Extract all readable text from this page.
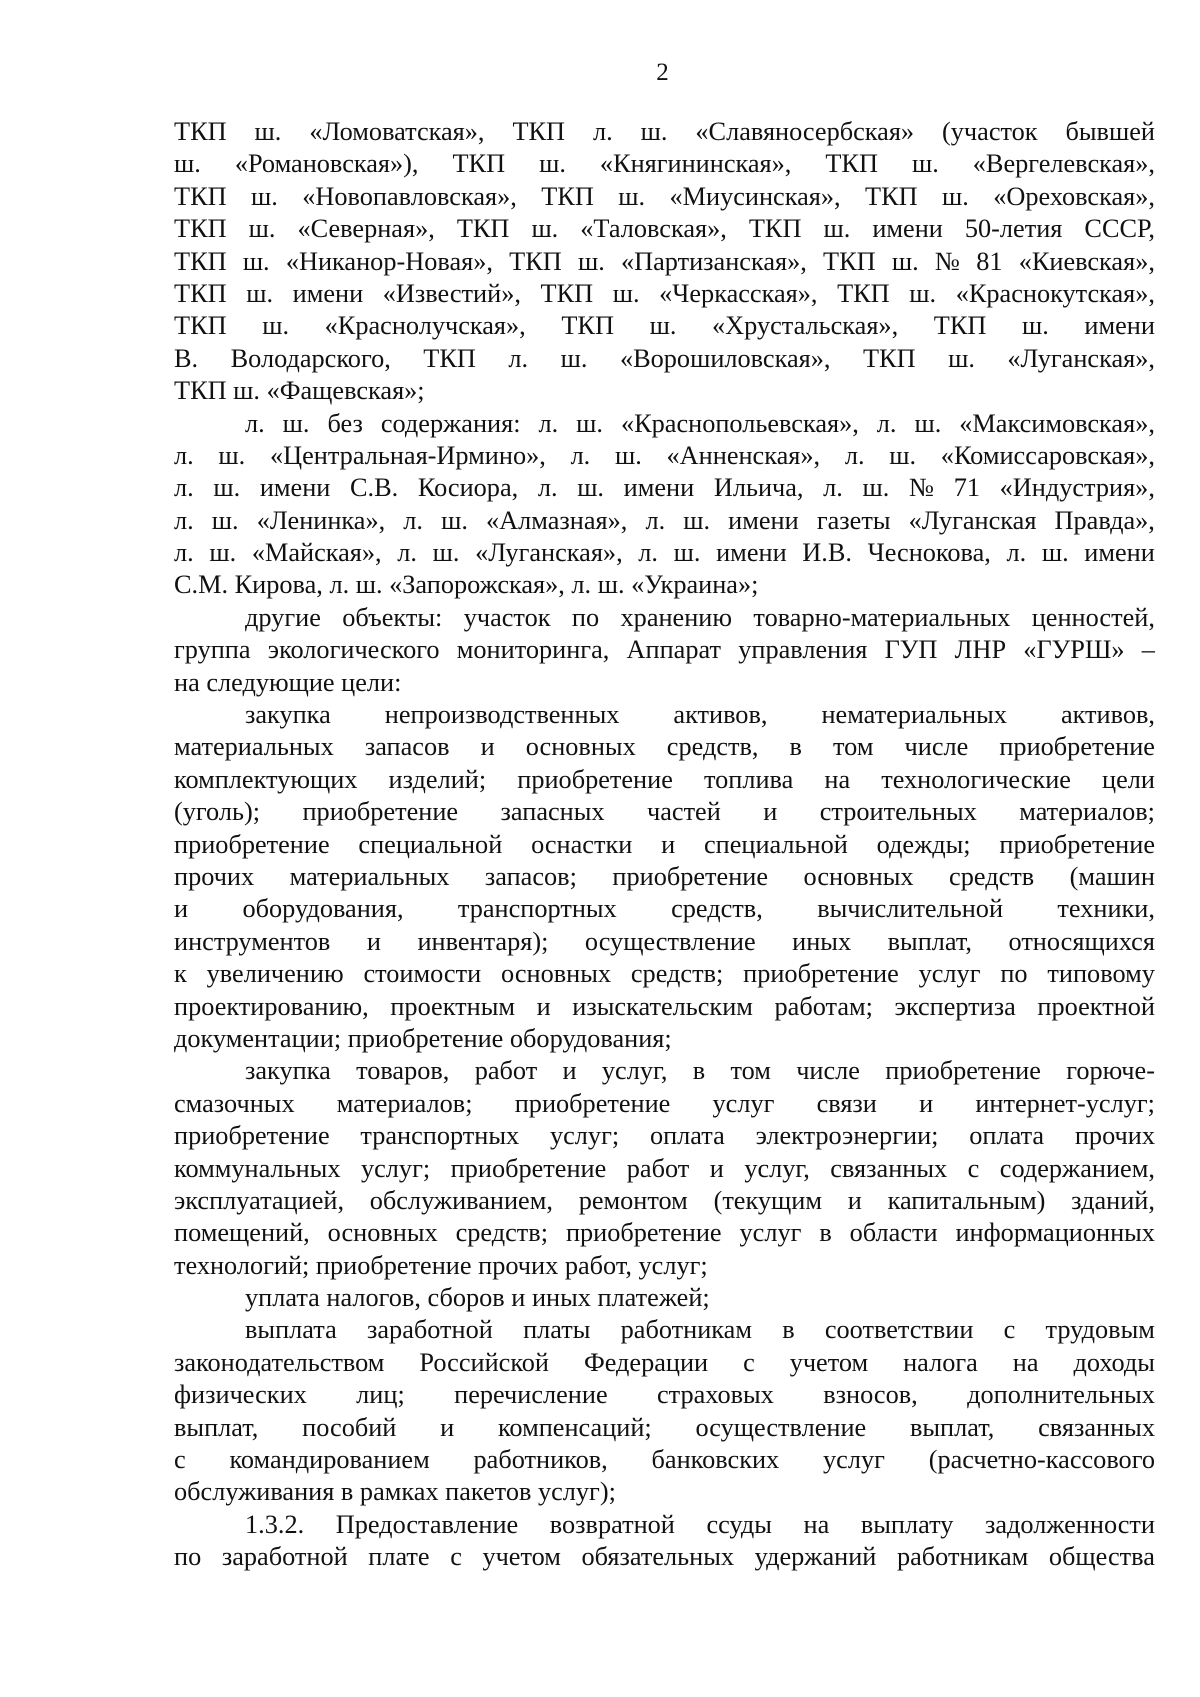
2
ТКП ш. «Ломоватская», ТКП л. ш. «Славяносербская» (участок бывшей
ш. «Романовская»), ТКП ш. «Княгининская», ТКП ш. «Вергелевская»,
ТКП ш. «Новопавловская», ТКП ш. «Миусинская», ТКП ш. «Ореховская»,
ТКП ш. «Северная», ТКП ш. «Таловская», ТКП ш. имени 50-летия СССР,
ТКП ш. «Никанор-Новая», ТКП ш. «Партизанская», ТКП ш. № 81 «Киевская»,
ТКП ш. имени «Известий», ТКП ш. «Черкасская», ТКП ш. «Краснокутская»,
ТКП ш. «Краснолучская», ТКП ш. «Хрустальская», ТКП ш. имени
В. Володарского, ТКП л. ш. «Ворошиловская», ТКП ш. «Луганская»,
ТКП ш. «Фащевская»;
л. ш. без содержания: л. ш. «Краснопольевская», л. ш. «Максимовская»,
л. ш. «Центральная-Ирмино», л. ш. «Анненская», л. ш. «Комиссаровская»,
л. ш. имени С.В. Косиора, л. ш. имени Ильича, л. ш. № 71 «Индустрия»,
л. ш. «Ленинка», л. ш. «Алмазная», л. ш. имени газеты «Луганская Правда»,
л. ш. «Майская», л. ш. «Луганская», л. ш. имени И.В. Чеснокова, л. ш. имени
С.М. Кирова, л. ш. «Запорожская», л. ш. «Украина»;
другие объекты: участок по хранению товарно-материальных ценностей,
группа экологического мониторинга, Аппарат управления ГУП ЛНР «ГУРШ» –
на следующие цели:
закупка непроизводственных активов, нематериальных активов,
материальных запасов и основных средств, в том числе приобретение
комплектующих изделий; приобретение топлива на технологические цели
(уголь); приобретение запасных частей и строительных материалов;
приобретение специальной оснастки и специальной одежды; приобретение
прочих материальных запасов; приобретение основных средств (машин
и оборудования, транспортных средств, вычислительной техники,
инструментов и инвентаря); осуществление иных выплат, относящихся
к увеличению стоимости основных средств; приобретение услуг по типовому
проектированию, проектным и изыскательским работам; экспертиза проектной
документации; приобретение оборудования;
закупка товаров, работ и услуг, в том числе приобретение горюче-
смазочных материалов; приобретение услуг связи и интернет-услуг;
приобретение транспортных услуг; оплата электроэнергии; оплата прочих
коммунальных услуг; приобретение работ и услуг, связанных с содержанием,
эксплуатацией, обслуживанием, ремонтом (текущим и капитальным) зданий,
помещений, основных средств; приобретение услуг в области информационных
технологий; приобретение прочих работ, услуг;
уплата налогов, сборов и иных платежей;
выплата заработной платы работникам в соответствии с трудовым
законодательством Российской Федерации с учетом налога на доходы
физических лиц; перечисление страховых взносов, дополнительных
выплат, пособий и компенсаций; осуществление выплат, связанных
с командированием работников, банковских услуг (расчетно-кассового
обслуживания в рамках пакетов услуг);
1.3.2. Предоставление возвратной ссуды на выплату задолженности
по заработной плате с учетом обязательных удержаний работникам общества
